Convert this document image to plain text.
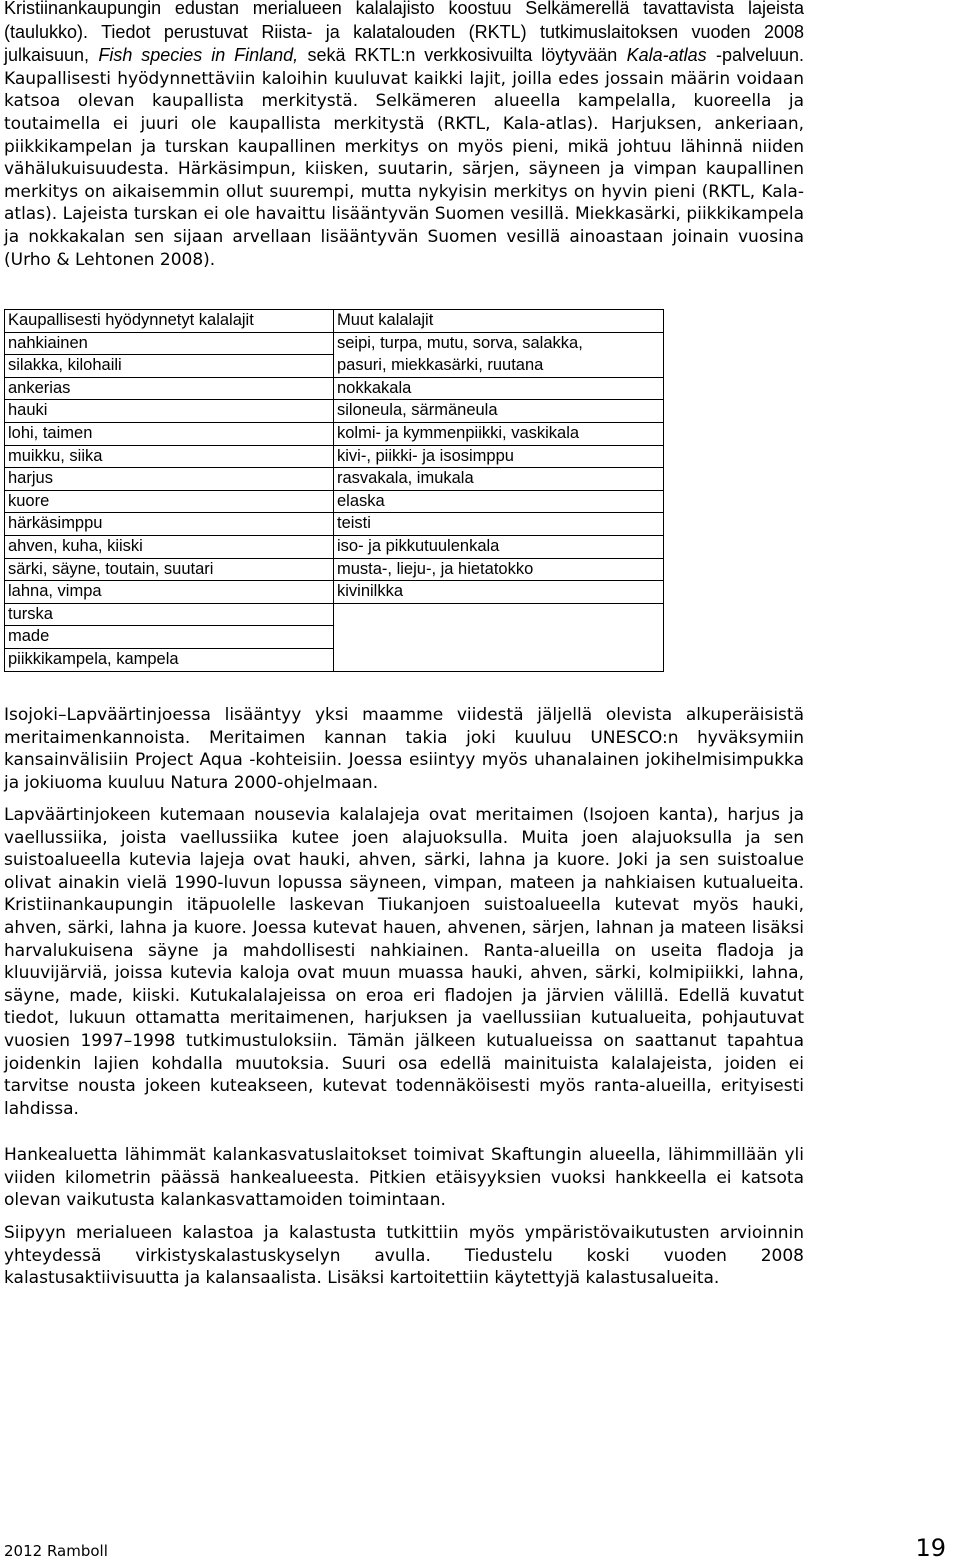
Kristiinankaupungin edustan merialueen kalalajisto koostuu Selkämerellä tavattavista lajeista (taulukko). Tiedot perustuvat Riista- ja kalatalouden (RKTL) tutkimuslaitoksen vuoden 2008 julkaisuun, Fish species in Finland, sekä RKTL:n verkkosivuilta löytyvään Kala-atlas -palveluun. Kaupallisesti hyödynnettäviin kaloihin kuuluvat kaikki lajit, joilla edes jossain määrin voidaan katsoa olevan kaupallista merkitystä. Selkämeren alueella kampelalla, kuoreella ja toutaimella ei juuri ole kaupallista merkitystä (RKTL, Kala-atlas). Harjuksen, ankeriaan, piikkikampelan ja turskan kaupallinen merkitys on myös pieni, mikä johtuu lähinnä niiden vähälukuisuudesta. Härkäsimpun, kiisken, suutarin, särjen, säyneen ja vimpan kaupallinen merkitys on aikaisemmin ollut suurempi, mutta nykyisin merkitys on hyvin pieni (RKTL, Kala-atlas). Lajeista turskan ei ole havaittu lisääntyvän Suomen vesillä. Miekkasärki, piikkikampela ja nokkakalan sen sijaan arvellaan lisääntyvän Suomen vesillä ainoastaan joinain vuosina (Urho & Lehtonen 2008).

Kaupallisesti hyödynnetyt kalalajit	Muut kalalajit
nahkiainen	seipi, turpa, mutu, sorva, salakka,
silakka, kilohaili	pasuri, miekkasärki, ruutana
ankerias	nokkakala
hauki	siloneula, särmäneula
lohi, taimen	kolmi- ja kymmenpiikki, vaskikala
muikku, siika	kivi-, piikki- ja isosimppu
harjus	rasvakala, imukala
kuore	elaska
härkäsimppu	teisti
ahven, kuha, kiiski	iso- ja pikkutuulenkala
särki, säyne, toutain, suutari	musta-, lieju-, ja hietatokko
lahna, vimpa	kivinilkka
turska	
made	
piikkikampela, kampela	

Isojoki–Lapväärtinjoessa lisääntyy yksi maamme viidestä jäljellä olevista alkuperäisistä meritaimenkannoista. Meritaimen kannan takia joki kuuluu UNESCO:n hyväksymiin kansainvälisiin Project Aqua -kohteisiin. Joessa esiintyy myös uhanalainen jokihelmisimpukka ja jokiuoma kuuluu Natura 2000-ohjelmaan.

Lapväärtinjokeen kutemaan nousevia kalalajeja ovat meritaimen (Isojoen kanta), harjus ja vaellussiika, joista vaellussiika kutee joen alajuoksulla. Muita joen alajuoksulla ja sen suistoalueella kutevia lajeja ovat hauki, ahven, särki, lahna ja kuore. Joki ja sen suistoalue olivat ainakin vielä 1990-luvun lopussa säyneen, vimpan, mateen ja nahkiaisen kutualueita. Kristiinankaupungin itäpuolelle laskevan Tiukanjoen suistoalueella kutevat myös hauki, ahven, särki, lahna ja kuore. Joessa kutevat hauen, ahvenen, särjen, lahnan ja mateen lisäksi harvalukuisena säyne ja mahdollisesti nahkiainen. Ranta-alueilla on useita fladoja ja kluuvijärviä, joissa kutevia kaloja ovat muun muassa hauki, ahven, särki, kolmipiikki, lahna, säyne, made, kiiski. Kutukalalajeissa on eroa eri fladojen ja järvien välillä. Edellä kuvatut tiedot, lukuun ottamatta meritaimenen, harjuksen ja vaellussiian kutualueita, pohjautuvat vuosien 1997–1998 tutkimustuloksiin. Tämän jälkeen kutualueissa on saattanut tapahtua joidenkin lajien kohdalla muutoksia. Suuri osa edellä mainituista kalalajeista, joiden ei tarvitse nousta jokeen kuteakseen, kutevat todennäköisesti myös ranta-alueilla, erityisesti lahdissa.

Hankealuetta lähimmät kalankasvatuslaitokset toimivat Skaftungin alueella, lähimmillään yli viiden kilometrin päässä hankealueesta. Pitkien etäisyyksien vuoksi hankkeella ei katsota olevan vaikutusta kalankasvattamoiden toimintaan.

Siipyyn merialueen kalastoa ja kalastusta tutkittiin myös ympäristövaikutusten arvioinnin yhteydessä virkistyskalastuskyselyn avulla. Tiedustelu koski vuoden 2008 kalastusaktiivisuutta ja kalansaalista. Lisäksi kartoitettiin käytettyjä kalastusalueita.

2012 Ramboll	19
